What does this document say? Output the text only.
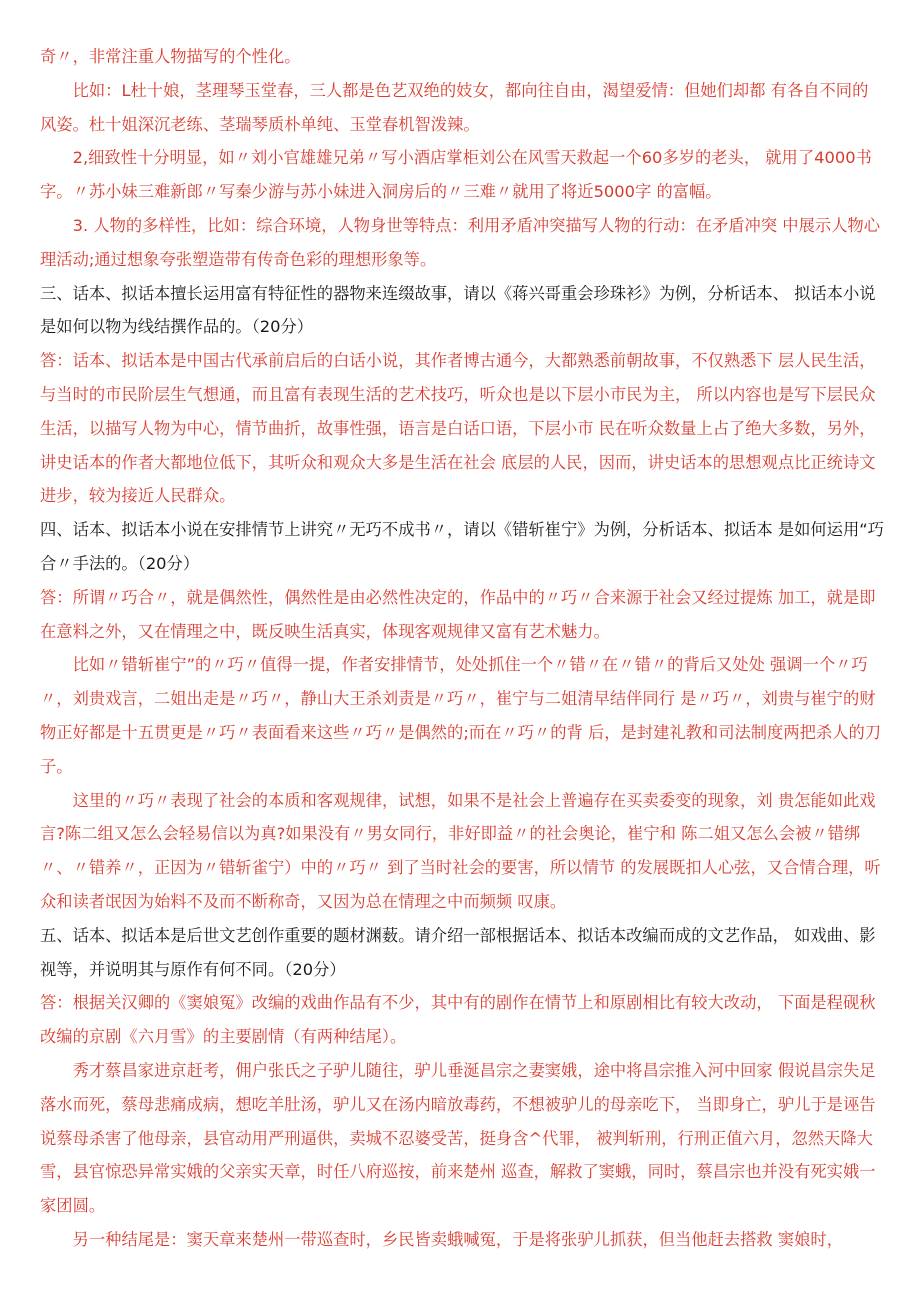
奇〃，非常注重人物描写的个性化。

比如：L杜十娘，茎理琴玉堂春，三人都是色艺双绝的妓女，都向往自由，渴望爱情：但她们却都 有各自不同的风姿。杜十姐深沉老练、茎瑞琴质朴单纯、玉堂春机智泼辣。

2,细致性十分明显，如〃刘小官雄雄兄弟〃写小酒店掌柜刘公在风雪天救起一个60多岁的老头， 就用了4000书字。〃苏小妹三难新郎〃写秦少游与苏小妹进入洞房后的〃三难〃就用了将近5000字 的富幅。

3. 人物的多样性，比如：综合环境，人物身世等特点：利用矛盾冲突描写人物的行动：在矛盾冲突 中展示人物心理活动;通过想象夸张塑造带有传奇色彩的理想形象等。

三、话本、拟话本擅长运用富有特征性的器物来连缀故事，请以《蒋兴哥重会珍珠衫》为例，分析话本、 拟话本小说是如何以物为线结撰作品的。（20分）

答：话本、拟话本是中国古代承前启后的白话小说，其作者博古通今，大都熟悉前朝故事，不仅熟悉下 层人民生活，与当时的市民阶层生气想通，而且富有表现生活的艺术技巧，听众也是以下层小市民为主， 所以内容也是写下层民众生活，以描写人物为中心，情节曲折，故事性强，语言是白话口语，下层小市 民在听众数量上占了绝大多数，另外，讲史话本的作者大都地位低下，其听众和观众大多是生活在社会 底层的人民，因而，讲史话本的思想观点比正统诗文进步，较为接近人民群众。

四、话本、拟话本小说在安排情节上讲究〃无巧不成书〃，请以《错斩崔宁》为例，分析话本、拟话本 是如何运用“巧合〃手法的。（20分）

答：所谓〃巧合〃，就是偶然性，偶然性是由必然性决定的，作品中的〃巧〃合来源于社会又经过提炼 加工，就是即在意料之外，又在情理之中，既反映生活真实，体现客观规律又富有艺术魅力。

比如〃错斩崔宁”的〃巧〃值得一提，作者安排情节，处处抓住一个〃错〃在〃错〃的背后又处处 强调一个〃巧〃，刘贵戏言，二姐出走是〃巧〃，静山大王杀刘责是〃巧〃，崔宁与二姐清早结伴同行 是〃巧〃，刘贵与崔宁的财物正好都是十五贯更是〃巧〃表面看来这些〃巧〃是偶然的;而在〃巧〃的背 后，是封建礼教和司法制度两把杀人的刀子。

这里的〃巧〃表现了社会的本质和客观规律，试想，如果不是社会上普遍存在买卖委变的现象，刘 贵怎能如此戏言?陈二组又怎么会轻易信以为真?如果没有〃男女同行，非好即益〃的社会奥论，崔宁和 陈二姐又怎么会被〃错绑〃、〃错养〃，正因为〃错斩雀宁）中的〃巧〃 到了当时社会的要害，所以情节 的发展既扣人心弦，又合情合理，听众和读者氓因为始料不及而不断称奇，又因为总在情理之中而频频 叹康。

五、话本、拟话本是后世文艺创作重要的题材渊薮。请介绍一部根据话本、拟话本改编而成的文艺作品， 如戏曲、影视等，并说明其与原作有何不同。（20分）

答：根据关汉卿的《窦娘冤》改编的戏曲作品有不少，其中有的剧作在情节上和原剧相比有较大改动， 下面是程砚秋改编的京剧《六月雪》的主要剧情（有两种结尾）。

秀才蔡昌家进京赶考，佣户张氏之子驴儿随往，驴儿垂涎昌宗之妻窦娥，途中将昌宗推入河中回家 假说昌宗失足落水而死，蔡母悲痛成病，想吃羊肚汤，驴儿又在汤内暗放毒药，不想被驴儿的母亲吃下， 当即身亡，驴儿于是诬告说蔡母杀害了他母亲，县官动用严刑逼供，卖城不忍婆受苦，挺身含^代罪， 被判斩刑，行刑正值六月，忽然天降大雪，县官惊恐异常实娥的父亲实天章，时任八府巡按，前来楚州 巡查，解救了窦蛾，同时，蔡昌宗也并没有死实娥一家团圆。

另一种结尾是：窦天章来楚州一带巡查时，乡民皆卖蛾喊冤，于是将张驴儿抓获，但当他赶去搭救 窦娘时，
